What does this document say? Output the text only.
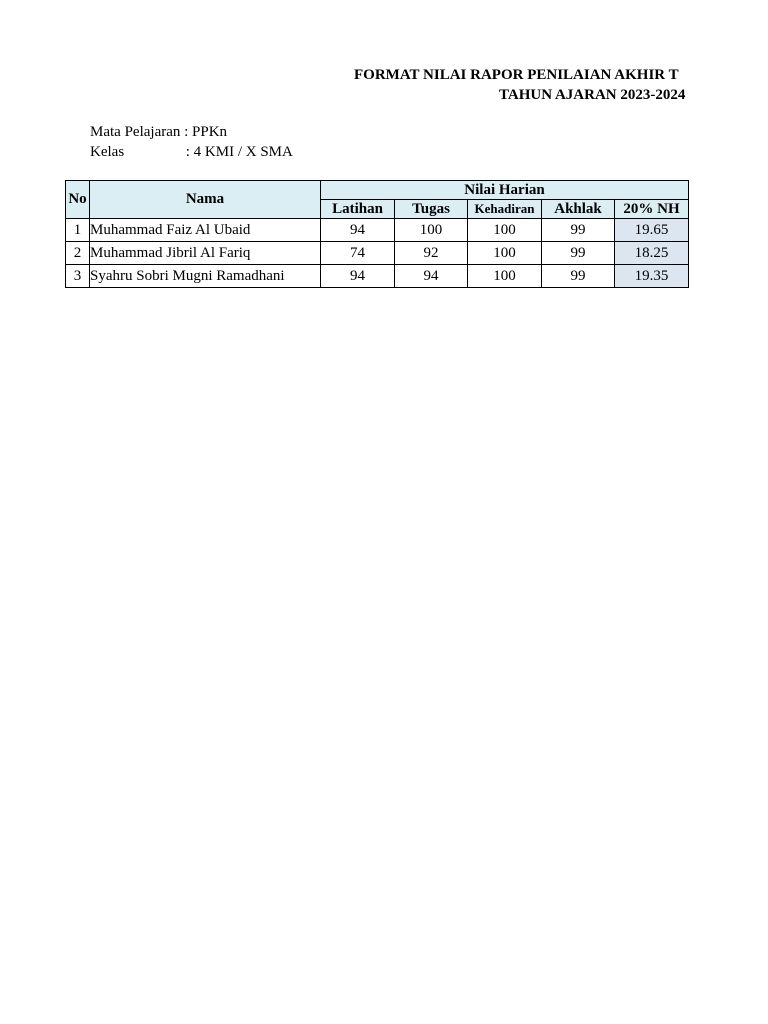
FORMAT NILAI RAPOR PENILAIAN AKHIR T
TAHUN AJARAN 2023-2024
Mata Pelajaran : PPKn
Kelas	: 4 KMI / X SMA
No	Nama	Nilai Harian				
		Latihan	Tugas	Kehadiran	Akhlak	20% NH
1	Muhammad Faiz Al Ubaid	94	100	100	99	19.65
2	Muhammad Jibril Al Fariq	74	92	100	99	18.25
3	Syahru Sobri Mugni Ramadhani	94	94	100	99	19.35
